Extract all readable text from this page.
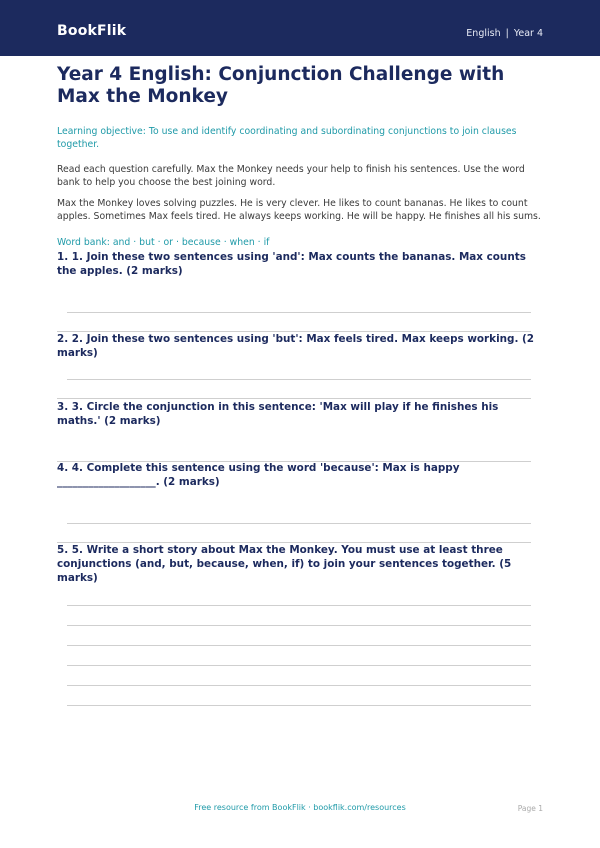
BookFlik	English | Year 4
Year 4 English: Conjunction Challenge with Max the Monkey
Learning objective: To use and identify coordinating and subordinating conjunctions to join clauses together.
Read each question carefully. Max the Monkey needs your help to finish his sentences. Use the word bank to help you choose the best joining word.
Max the Monkey loves solving puzzles. He is very clever. He likes to count bananas. He likes to count apples. Sometimes Max feels tired. He always keeps working. He will be happy. He finishes all his sums.
Word bank: and · but · or · because · when · if
1. 1. Join these two sentences using 'and': Max counts the bananas. Max counts the apples. (2 marks)
2. 2. Join these two sentences using 'but': Max feels tired. Max keeps working. (2 marks)
3. 3. Circle the conjunction in this sentence: 'Max will play if he finishes his maths.' (2 marks)
4. 4. Complete this sentence using the word 'because': Max is happy ___________________. (2 marks)
5. 5. Write a short story about Max the Monkey. You must use at least three conjunctions (and, but, because, when, if) to join your sentences together. (5 marks)
Free resource from BookFlik · bookflik.com/resources	Page 1
